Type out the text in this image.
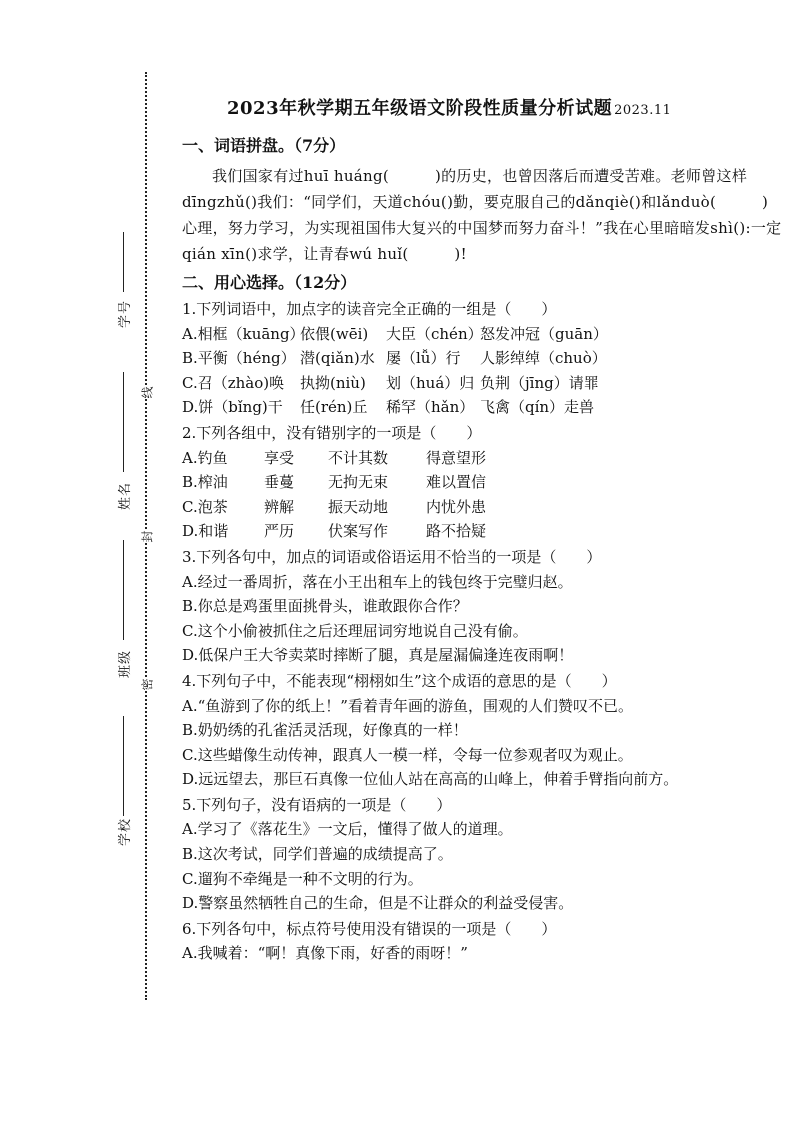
线
封
密
学号
姓名
班级
学校
2023年秋学期五年级语文阶段性质量分析试题 2023.11
一、词语拼盘。（7分）
我们国家有过huī huáng(　　　)的历史，也曾因落后而遭受苦难。老师曾这样dīngzhǔ()我们：“同学们，天道chóu()勤，要克服自己的dǎnqiè()和lǎnduò(　　　)心理，努力学习，为实现祖国伟大复兴的中国梦而努力奋斗！”我在心里暗暗发shì():一定qián xīn()求学，让青春wú huǐ(　　　)!
二、用心选择。（12分）
1.下列词语中，加点字的读音完全正确的一组是（　　）
A.相框（kuāng）依偎(wēi) 大臣（chén）怒发冲冠（guān）
B.平衡（héng） 潜(qiǎn)水 屡（lǚ）行 人影绰绰（chuò）
C.召（zhào)唤 执拗(niù) 划（huá）归 负荆（jīng）请罪
D.饼（bǐng)干 任(rén)丘 稀罕（hǎn） 飞禽（qín）走兽
2.下列各组中，没有错别字的一项是（　　）
A.钓鱼 享受 不计其数	得意望形
B.榨油 垂蔓 无拘无束	难以置信
C.泡茶 辨解 振天动地	内忧外患
D.和谐 严历 伏案写作	路不拾疑
3.下列各句中，加点的词语或俗语运用不恰当的一项是（　　）
A.经过一番周折，落在小王出租车上的钱包终于完璧归赵。
B.你总是鸡蛋里面挑骨头，谁敢跟你合作？
C.这个小偷被抓住之后还理屈词穷地说自己没有偷。
D.低保户王大爷卖菜时摔断了腿，真是屋漏偏逢连夜雨啊！
4.下列句子中，不能表现“栩栩如生”这个成语的意思的是（　　）
A.“鱼游到了你的纸上！”看着青年画的游鱼，围观的人们赞叹不已。
B.奶奶绣的孔雀活灵活现，好像真的一样！
C.这些蜡像生动传神，跟真人一模一样，令每一位参观者叹为观止。
D.远远望去，那巨石真像一位仙人站在高高的山峰上，伸着手臂指向前方。
5.下列句子，没有语病的一项是（　　）
A.学习了《落花生》一文后，懂得了做人的道理。
B.这次考试，同学们普遍的成绩提高了。
C.遛狗不牵绳是一种不文明的行为。
D.警察虽然牺牲自己的生命，但是不让群众的利益受侵害。
6.下列各句中，标点符号使用没有错误的一项是（　　）
A.我喊着：“啊！真像下雨，好香的雨呀！”
